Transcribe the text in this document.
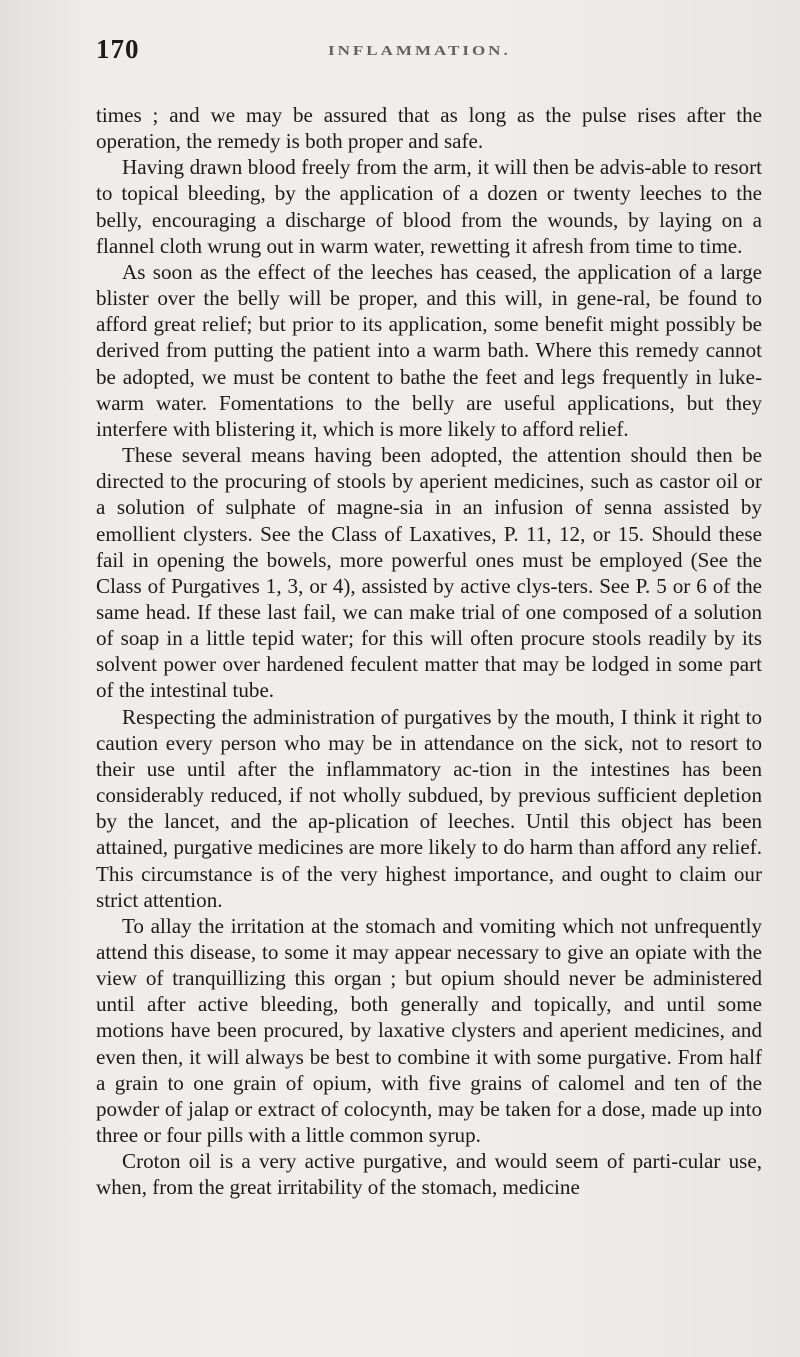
170	INFLAMMATION.

times ; and we may be assured that as long as the pulse rises after the operation, the remedy is both proper and safe.

Having drawn blood freely from the arm, it will then be advis-able to resort to topical bleeding, by the application of a dozen or twenty leeches to the belly, encouraging a discharge of blood from the wounds, by laying on a flannel cloth wrung out in warm water, rewetting it afresh from time to time.

As soon as the effect of the leeches has ceased, the application of a large blister over the belly will be proper, and this will, in gene-ral, be found to afford great relief; but prior to its application, some benefit might possibly be derived from putting the patient into a warm bath. Where this remedy cannot be adopted, we must be content to bathe the feet and legs frequently in luke-warm water. Fomentations to the belly are useful applications, but they interfere with blistering it, which is more likely to afford relief.

These several means having been adopted, the attention should then be directed to the procuring of stools by aperient medicines, such as castor oil or a solution of sulphate of magne-sia in an infusion of senna assisted by emollient clysters. See the Class of Laxatives, P. 11, 12, or 15. Should these fail in opening the bowels, more powerful ones must be employed (See the Class of Purgatives 1, 3, or 4), assisted by active clys-ters. See P. 5 or 6 of the same head. If these last fail, we can make trial of one composed of a solution of soap in a little tepid water; for this will often procure stools readily by its solvent power over hardened feculent matter that may be lodged in some part of the intestinal tube.

Respecting the administration of purgatives by the mouth, I think it right to caution every person who may be in attendance on the sick, not to resort to their use until after the inflammatory ac-tion in the intestines has been considerably reduced, if not wholly subdued, by previous sufficient depletion by the lancet, and the ap-plication of leeches. Until this object has been attained, purgative medicines are more likely to do harm than afford any relief. This circumstance is of the very highest importance, and ought to claim our strict attention.

To allay the irritation at the stomach and vomiting which not unfrequently attend this disease, to some it may appear necessary to give an opiate with the view of tranquillizing this organ ; but opium should never be administered until after active bleeding, both generally and topically, and until some motions have been procured, by laxative clysters and aperient medicines, and even then, it will always be best to combine it with some purgative. From half a grain to one grain of opium, with five grains of calomel and ten of the powder of jalap or extract of colocynth, may be taken for a dose, made up into three or four pills with a little common syrup.

Croton oil is a very active purgative, and would seem of parti-cular use, when, from the great irritability of the stomach, medicine
